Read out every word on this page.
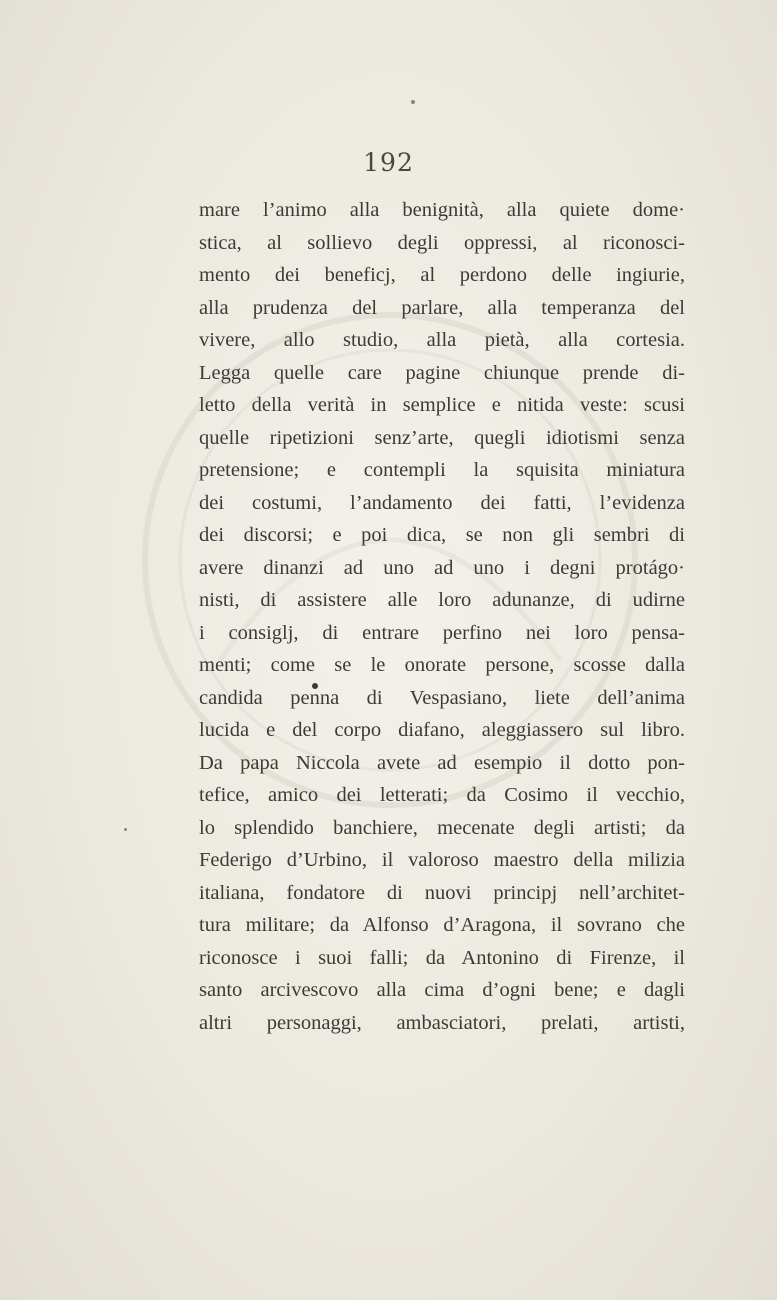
192
mare l’animo alla benignità, alla quiete dome·
stica, al sollievo degli oppressi, al riconosci-
mento dei beneficj, al perdono delle ingiurie,
alla prudenza del parlare, alla temperanza del
vivere, allo studio, alla pietà, alla cortesia.
Legga quelle care pagine chiunque prende di-
letto della verità in semplice e nitida veste: scusi
quelle ripetizioni senz’arte, quegli idiotismi senza
pretensione; e contempli la squisita miniatura
dei costumi, l’andamento dei fatti, l’evidenza
dei discorsi; e poi dica, se non gli sembri di
avere dinanzi ad uno ad uno i degni protágo·
nisti, di assistere alle loro adunanze, di udirne
i consiglj, di entrare perfino nei loro pensa-
menti; come se le onorate persone, scosse dalla
candida penna di Vespasiano, liete dell’anima
lucida e del corpo diafano, aleggiassero sul libro.
Da papa Niccola avete ad esempio il dotto pon-
tefice, amico dei letterati; da Cosimo il vecchio,
lo splendido banchiere, mecenate degli artisti; da
Federigo d’Urbino, il valoroso maestro della milizia
italiana, fondatore di nuovi principj nell’architet-
tura militare; da Alfonso d’Aragona, il sovrano che
riconosce i suoi falli; da Antonino di Firenze, il
santo arcivescovo alla cima d’ogni bene; e dagli
altri personaggi, ambasciatori, prelati, artisti,
